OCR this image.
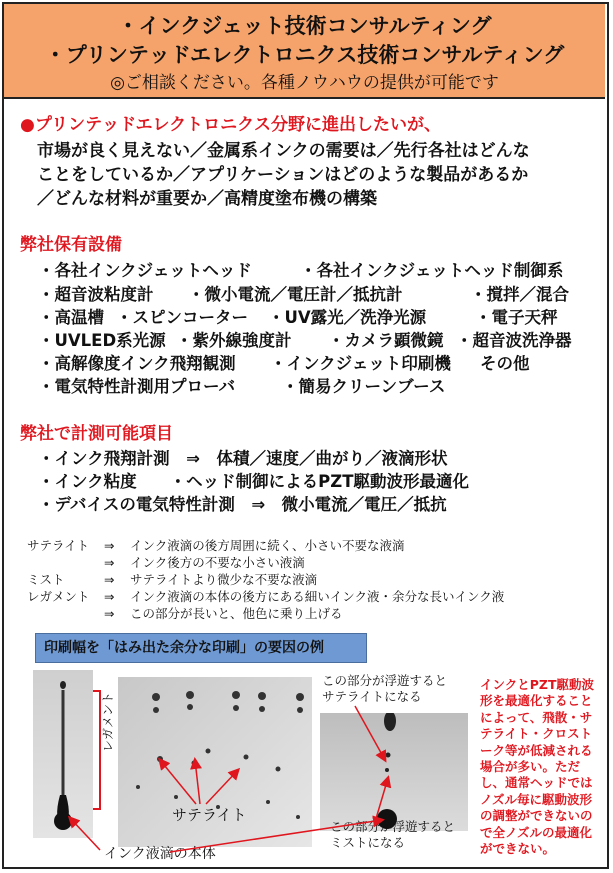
・インクジェット技術コンサルティング
・プリンテッドエレクトロニクス技術コンサルティング
◎ご相談ください。各種ノウハウの提供が可能です
●プリンテッドエレクトロニクス分野に進出したいが、
市場が良く見えない／金属系インクの需要は／先行各社はどんな
ことをしているか／アプリケーションはどのような製品があるか
／どんな材料が重要か／高精度塗布機の構築
弊社保有設備
・各社インクジェットヘッド	・各社インクジェットヘッド制御系
・超音波粘度計 ・微小電流／電圧計／抵抗計	・撹拌／混合
・高温槽 ・スピンコーター ・UV露光／洗浄光源	・電子天秤
・UVLED系光源 ・紫外線強度計 ・カメラ顕微鏡 ・超音波洗浄器
・高解像度インク飛翔観測 ・インクジェット印刷機 その他
・電気特性計測用プローバ	・簡易クリーンブース
弊社で計測可能項目
・インク飛翔計測　⇒　体積／速度／曲がり／液滴形状
・インク粘度　　・ヘッド制御によるPZT駆動波形最適化
・デバイスの電気特性計測　⇒　微小電流／電圧／抵抗
サテライト ⇒ インク液滴の後方周囲に続く、小さい不要な液滴
⇒ インク後方の不要な小さい液滴
ミスト	⇒ サテライトより微少な不要な液滴
レガメント ⇒ インク液滴の本体の後方にある細いインク液・余分な長いインク液
⇒ この部分が長いと、他色に乗り上げる
印刷幅を「はみ出た余分な印刷」の要因の例
レガメント
この部分が浮遊すると
サテライトになる
この部分が浮遊すると
ミストになる
サテライト
インク液滴の本体
インクとPZT駆動波形を最適化することによって、飛散・サテライト・クロストーク等が低減される場合が多い。ただし、通常ヘッドではノズル毎に駆動波形の調整ができないので全ノズルの最適化ができない。
